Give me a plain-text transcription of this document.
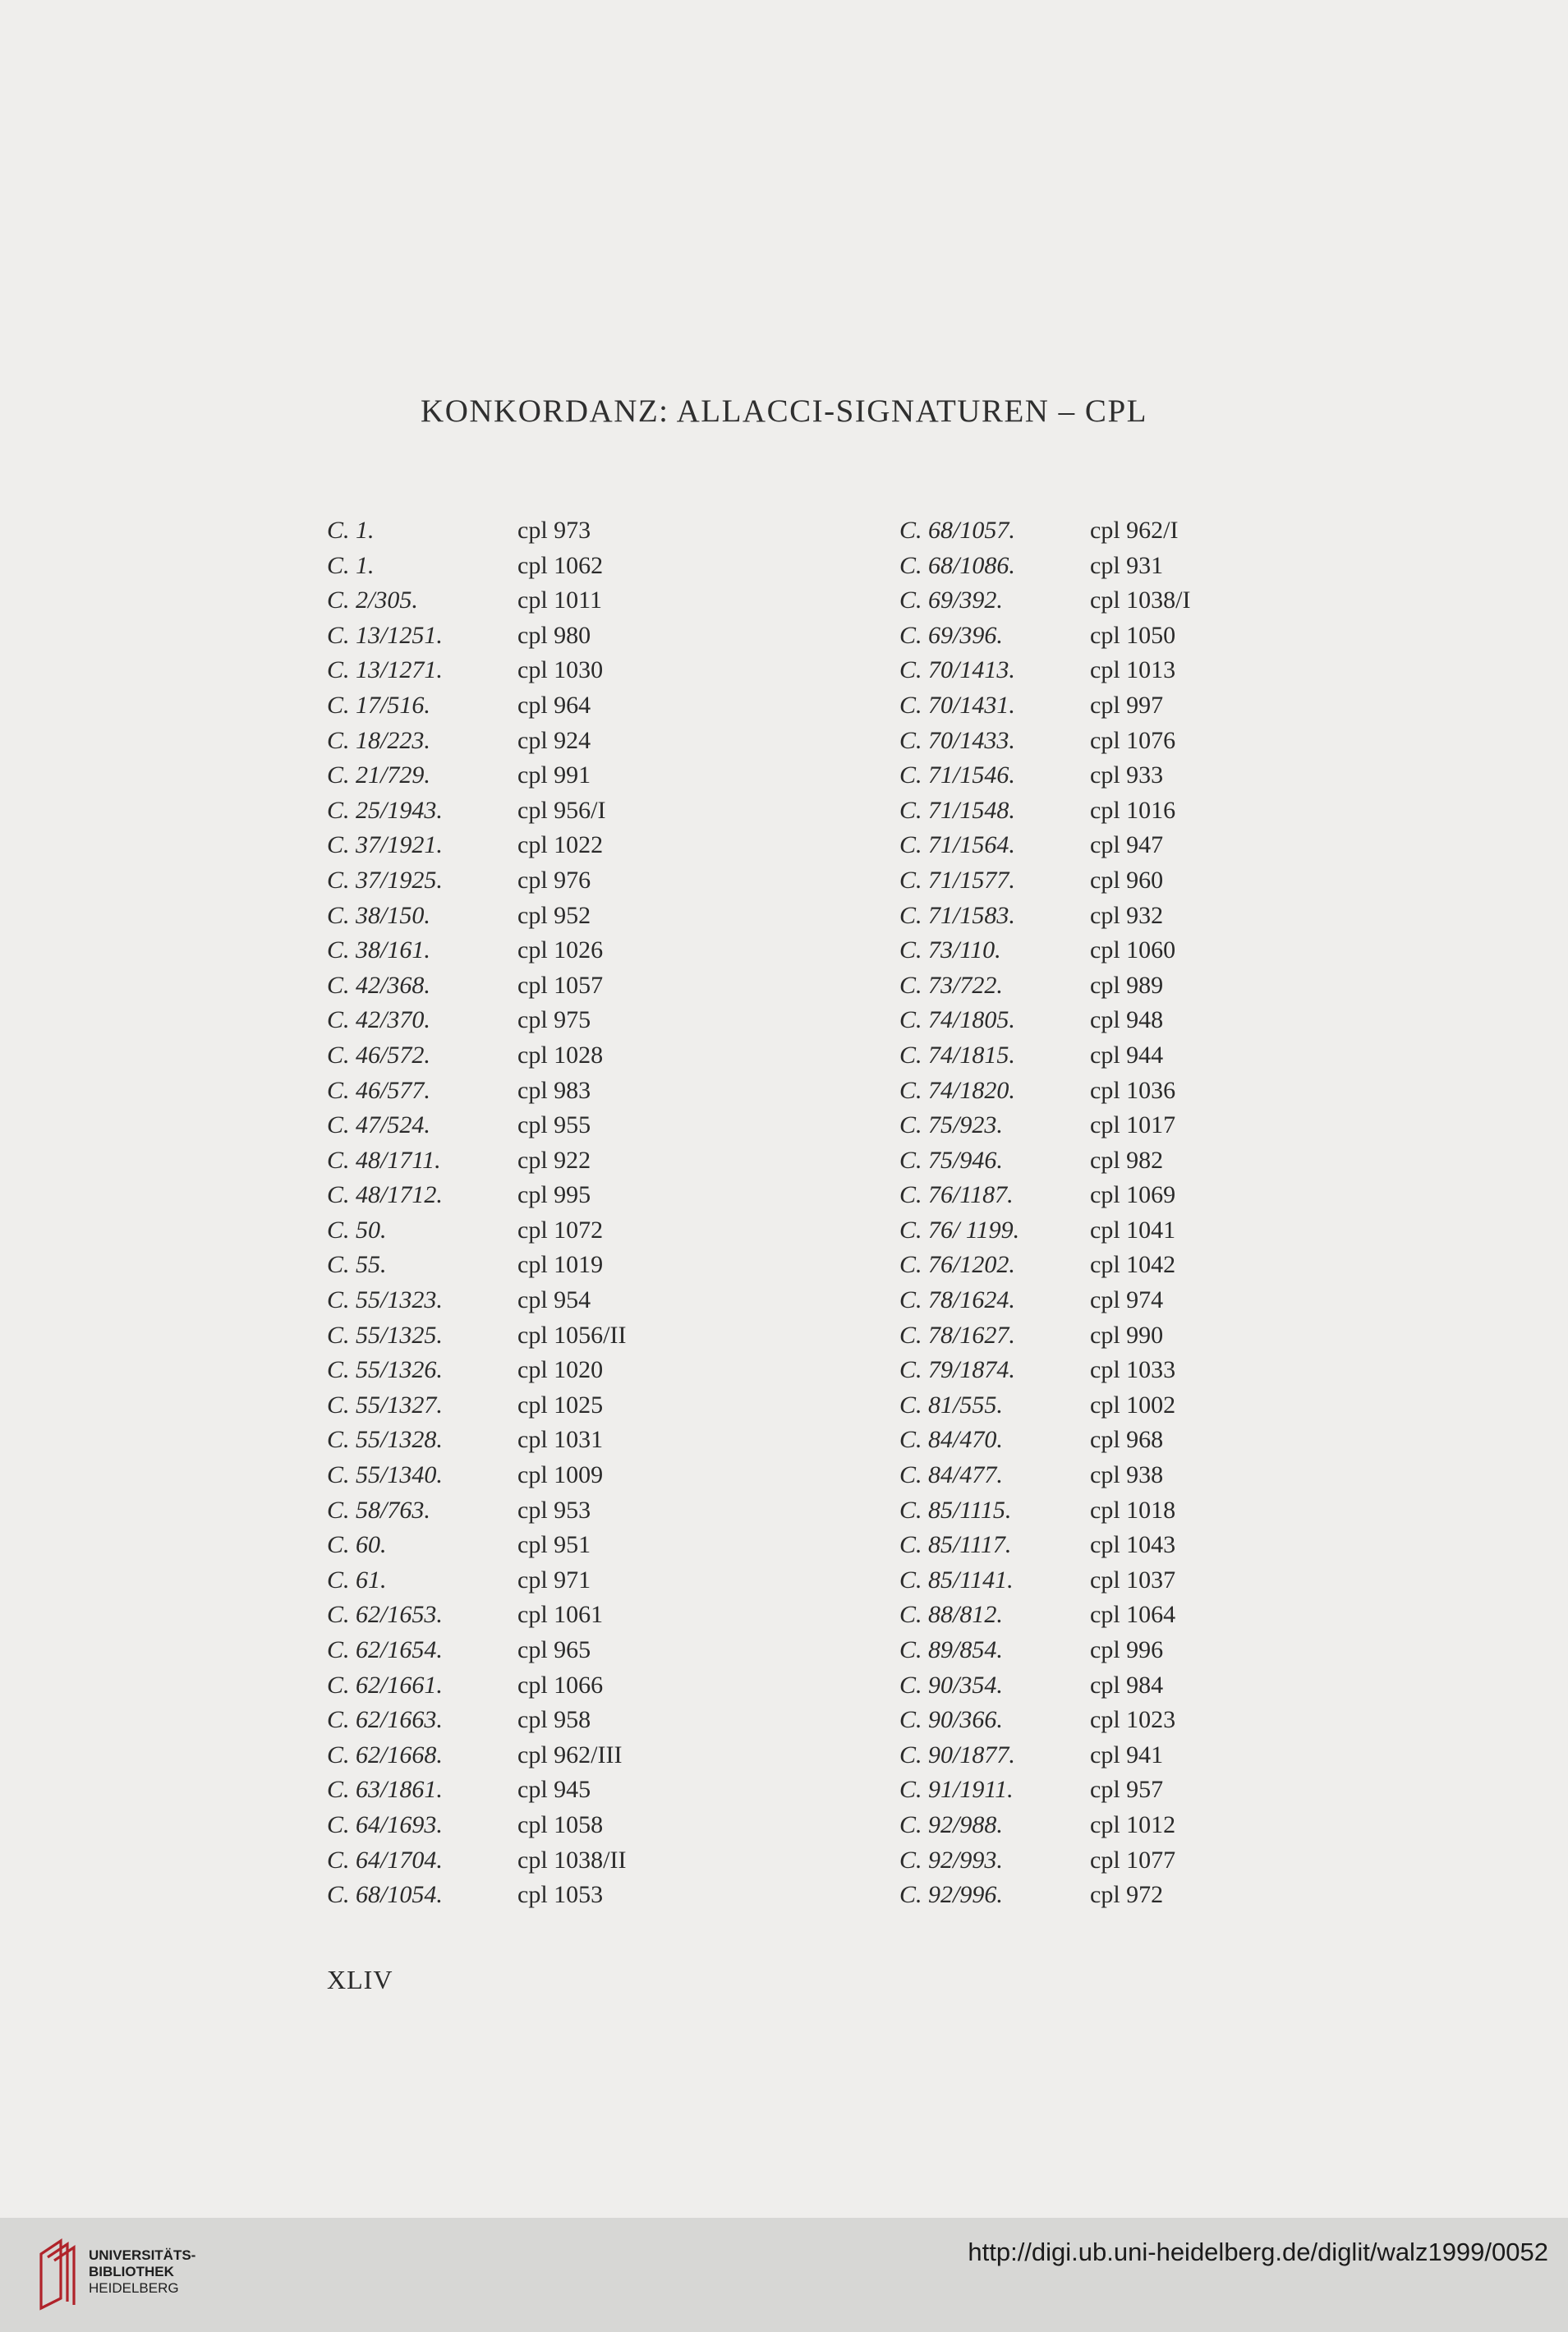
KONKORDANZ: ALLACCI-SIGNATUREN – CPL
C. 1.	cpl 973
C. 1.	cpl 1062
C. 2/305.	cpl 1011
C. 13/1251.	cpl 980
C. 13/1271.	cpl 1030
C. 17/516.	cpl 964
C. 18/223.	cpl 924
C. 21/729.	cpl 991
C. 25/1943.	cpl 956/I
C. 37/1921.	cpl 1022
C. 37/1925.	cpl 976
C. 38/150.	cpl 952
C. 38/161.	cpl 1026
C. 42/368.	cpl 1057
C. 42/370.	cpl 975
C. 46/572.	cpl 1028
C. 46/577.	cpl 983
C. 47/524.	cpl 955
C. 48/1711.	cpl 922
C. 48/1712.	cpl 995
C. 50.	cpl 1072
C. 55.	cpl 1019
C. 55/1323.	cpl 954
C. 55/1325.	cpl 1056/II
C. 55/1326.	cpl 1020
C. 55/1327.	cpl 1025
C. 55/1328.	cpl 1031
C. 55/1340.	cpl 1009
C. 58/763.	cpl 953
C. 60.	cpl 951
C. 61.	cpl 971
C. 62/1653.	cpl 1061
C. 62/1654.	cpl 965
C. 62/1661.	cpl 1066
C. 62/1663.	cpl 958
C. 62/1668.	cpl 962/III
C. 63/1861.	cpl 945
C. 64/1693.	cpl 1058
C. 64/1704.	cpl 1038/II
C. 68/1054.	cpl 1053
C. 68/1057.	cpl 962/I
C. 68/1086.	cpl 931
C. 69/392.	cpl 1038/I
C. 69/396.	cpl 1050
C. 70/1413.	cpl 1013
C. 70/1431.	cpl 997
C. 70/1433.	cpl 1076
C. 71/1546.	cpl 933
C. 71/1548.	cpl 1016
C. 71/1564.	cpl 947
C. 71/1577.	cpl 960
C. 71/1583.	cpl 932
C. 73/110.	cpl 1060
C. 73/722.	cpl 989
C. 74/1805.	cpl 948
C. 74/1815.	cpl 944
C. 74/1820.	cpl 1036
C. 75/923.	cpl 1017
C. 75/946.	cpl 982
C. 76/1187.	cpl 1069
C. 76/ 1199.	cpl 1041
C. 76/1202.	cpl 1042
C. 78/1624.	cpl 974
C. 78/1627.	cpl 990
C. 79/1874.	cpl 1033
C. 81/555.	cpl 1002
C. 84/470.	cpl 968
C. 84/477.	cpl 938
C. 85/1115.	cpl 1018
C. 85/1117.	cpl 1043
C. 85/1141.	cpl 1037
C. 88/812.	cpl 1064
C. 89/854.	cpl 996
C. 90/354.	cpl 984
C. 90/366.	cpl 1023
C. 90/1877.	cpl 941
C. 91/1911.	cpl 957
C. 92/988.	cpl 1012
C. 92/993.	cpl 1077
C. 92/996.	cpl 972
XLIV
UNIVERSITÄTS-
BIBLIOTHEK
HEIDELBERG
http://digi.ub.uni-heidelberg.de/diglit/walz1999/0052
